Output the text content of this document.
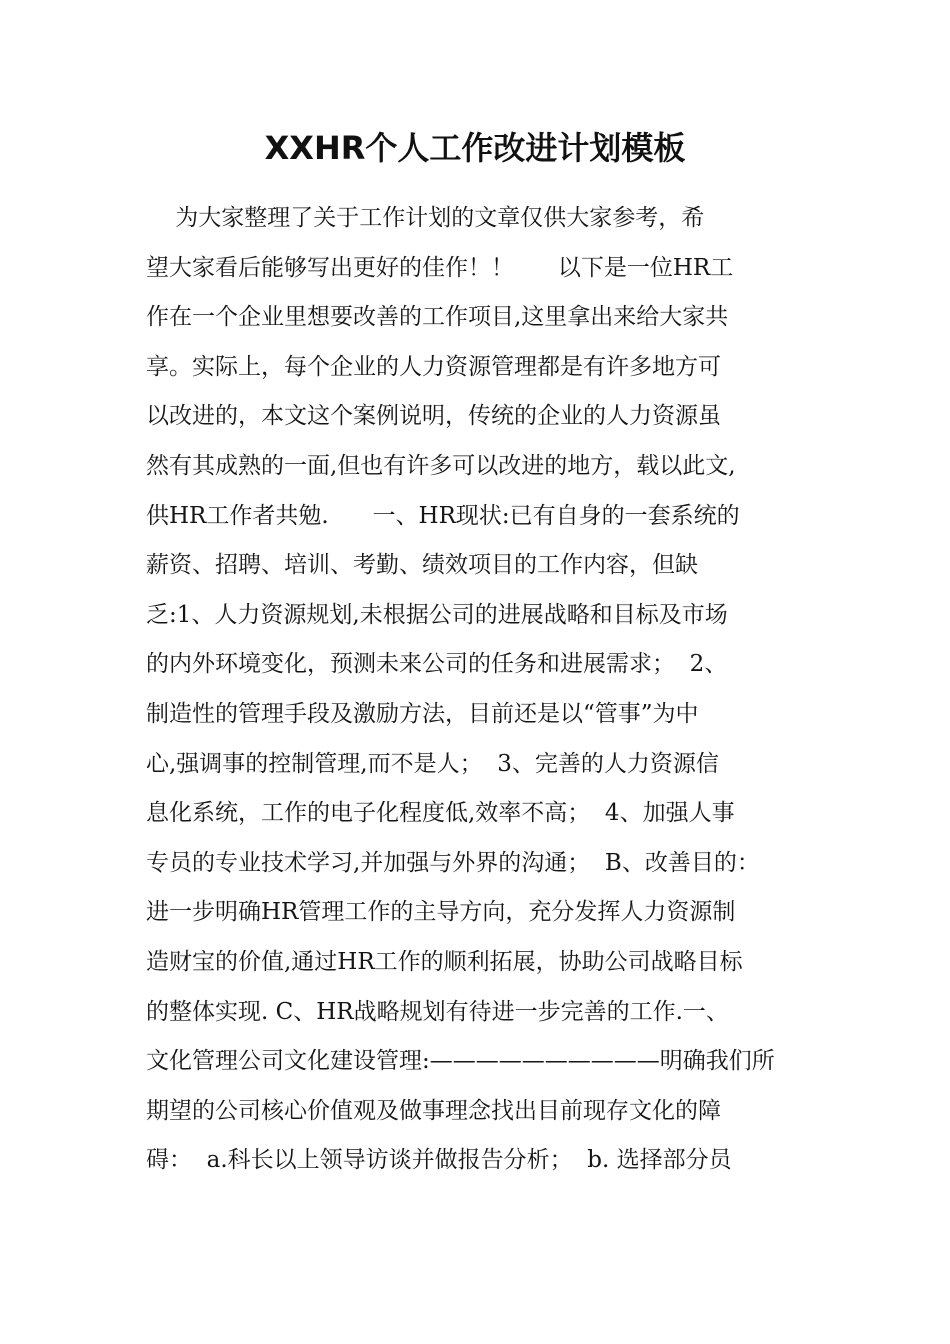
XXHR个人工作改进计划模板
为大家整理了关于工作计划的文章仅供大家参考，希
望大家看后能够写出更好的佳作！！      以下是一位HR工
作在一个企业里想要改善的工作项目,这里拿出来给大家共
享。实际上，每个企业的人力资源管理都是有许多地方可
以改进的，本文这个案例说明，传统的企业的人力资源虽
然有其成熟的一面,但也有许多可以改进的地方，载以此文,
供HR工作者共勉.      一、HR现状:已有自身的一套系统的
薪资、招聘、培训、考勤、绩效项目的工作内容，但缺
乏:1、人力资源规划,未根据公司的进展战略和目标及市场
的内外环境变化，预测未来公司的任务和进展需求；  2、
制造性的管理手段及激励方法，目前还是以“管事”为中
心,强调事的控制管理,而不是人；  3、完善的人力资源信
息化系统，工作的电子化程度低,效率不高；  4、加强人事
专员的专业技术学习,并加强与外界的沟通；  B、改善目的：
进一步明确HR管理工作的主导方向，充分发挥人力资源制
造财宝的价值,通过HR工作的顺利拓展，协助公司战略目标
的整体实现. C、HR战略规划有待进一步完善的工作.一、
文化管理公司文化建设管理:——————————明确我们所
期望的公司核心价值观及做事理念找出目前现存文化的障
碍：  a.科长以上领导访谈并做报告分析；  b. 选择部分员
